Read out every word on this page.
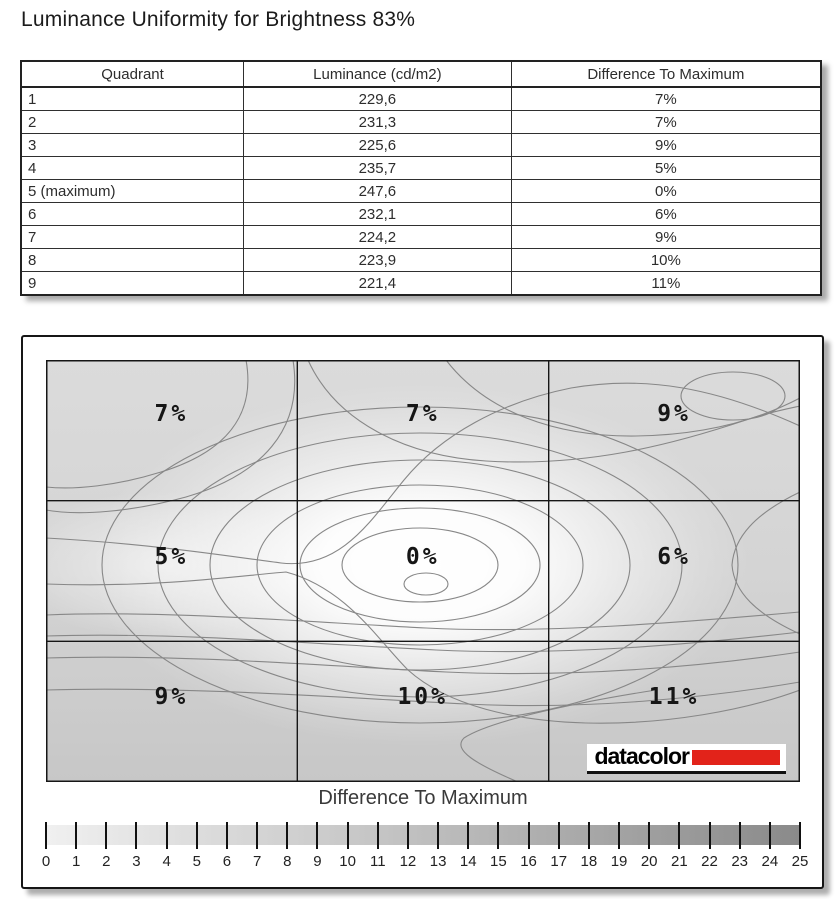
Luminance Uniformity for Brightness 83%
Quadrant	Luminance (cd/m2)	Difference To Maximum
1	229,6	7%
2	231,3	7%
3	225,6	9%
4	235,7	5%
5 (maximum)	247,6	0%
6	232,1	6%
7	224,2	9%
8	223,9	10%
9	221,4	11%
7%	7%	9%
5%	0%	6%
9%	10%	11%
datacolor
Difference To Maximum
0 1 2 3 4 5 6 7 8 9 10 11 12 13 14 15 16 17 18 19 20 21 22 23 24 25
